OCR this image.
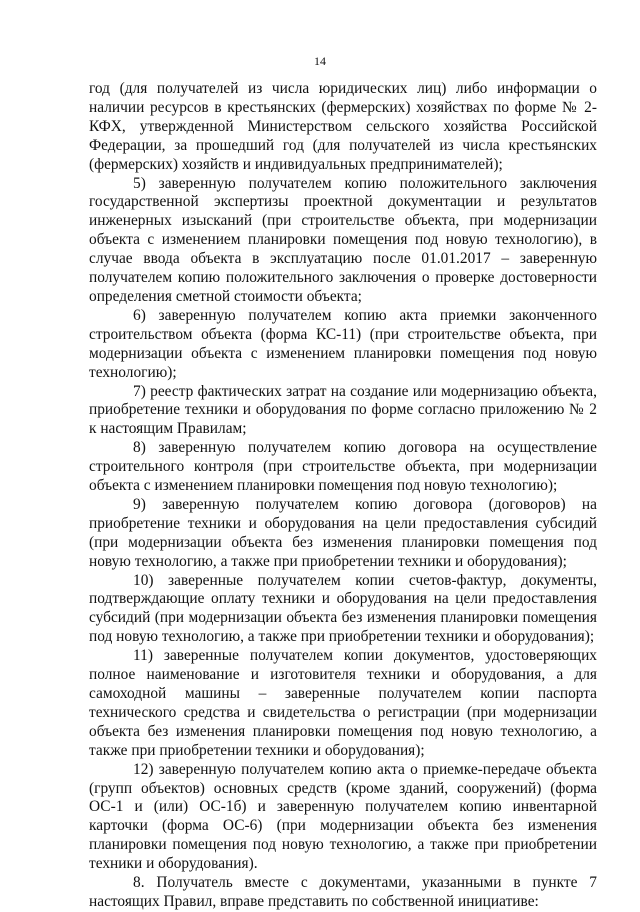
14

год (для получателей из числа юридических лиц) либо информации о наличии ресурсов в крестьянских (фермерских) хозяйствах по форме № 2-КФХ, утвержденной Министерством сельского хозяйства Российской Федерации, за прошедший год (для получателей из числа крестьянских (фермерских) хозяйств и индивидуальных предпринимателей);

5) заверенную получателем копию положительного заключения государственной экспертизы проектной документации и результатов инженерных изысканий (при строительстве объекта, при модернизации объекта с изменением планировки помещения под новую технологию), в случае ввода объекта в эксплуатацию после 01.01.2017 – заверенную получателем копию положительного заключения о проверке достоверности определения сметной стоимости объекта;

6) заверенную получателем копию акта приемки законченного строительством объекта (форма КС-11) (при строительстве объекта, при модернизации объекта с изменением планировки помещения под новую технологию);

7) реестр фактических затрат на создание или модернизацию объекта, приобретение техники и оборудования по форме согласно приложению № 2 к настоящим Правилам;

8) заверенную получателем копию договора на осуществление строительного контроля (при строительстве объекта, при модернизации объекта с изменением планировки помещения под новую технологию);

9) заверенную получателем копию договора (договоров) на приобретение техники и оборудования на цели предоставления субсидий (при модернизации объекта без изменения планировки помещения под новую технологию, а также при приобретении техники и оборудования);

10) заверенные получателем копии счетов-фактур, документы, подтверждающие оплату техники и оборудования на цели предоставления субсидий (при модернизации объекта без изменения планировки помещения под новую технологию, а также при приобретении техники и оборудования);

11) заверенные получателем копии документов, удостоверяющих полное наименование и изготовителя техники и оборудования, а для самоходной машины – заверенные получателем копии паспорта технического средства и свидетельства о регистрации (при модернизации объекта без изменения планировки помещения под новую технологию, а также при приобретении техники и оборудования);

12) заверенную получателем копию акта о приемке-передаче объекта (групп объектов) основных средств (кроме зданий, сооружений) (форма ОС-1 и (или) ОС-1б) и заверенную получателем копию инвентарной карточки (форма ОС-6) (при модернизации объекта без изменения планировки помещения под новую технологию, а также при приобретении техники и оборудования).

8. Получатель вместе с документами, указанными в пункте 7 настоящих Правил, вправе представить по собственной инициативе:
